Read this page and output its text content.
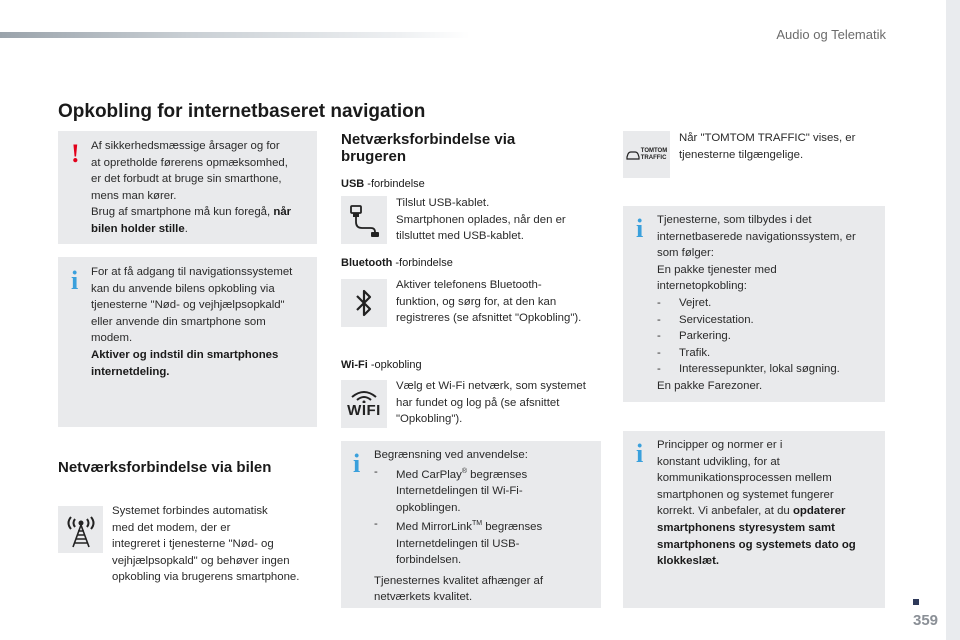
Audio og Telematik
Opkobling for internetbaseret navigation
! Af sikkerhedsmæssige årsager og for
at opretholde førerens opmæksomhed,
er det forbudt at bruge sin smarthone,
mens man kører.
Brug af smartphone må kun foregå, når
bilen holder stille.
i For at få adgang til navigationssystemet
kan du anvende bilens opkobling via
tjenesterne "Nød- og vejhjælpsopkald"
eller anvende din smartphone som
modem.
Aktiver og indstil din smartphones
internetdeling.
Netværksforbindelse via bilen
Systemet forbindes automatisk
med det modem, der er
integreret i tjenesterne "Nød- og
vejhjælpsopkald" og behøver ingen
opkobling via brugerens smartphone.
Netværksforbindelse via
brugeren
USB -forbindelse
Tilslut USB-kablet.
Smartphonen oplades, når den er
tilsluttet med USB-kablet.
Bluetooth -forbindelse
Aktiver telefonens Bluetooth-
funktion, og sørg for, at den kan
registreres (se afsnittet "Opkobling").
Wi-Fi -opkobling
WIFI
Vælg et Wi-Fi netværk, som systemet
har fundet og log på (se afsnittet
"Opkobling").
i Begrænsning ved anvendelse:
- Med CarPlay® begrænses
Internetdelingen til Wi-Fi-
opkoblingen.
- Med MirrorLink™ begrænses
Internetdelingen til USB-
forbindelsen.
Tjenesternes kvalitet afhænger af
netværkets kvalitet.
TOMTOM
TRAFFIC
Når "TOMTOM TRAFFIC" vises, er
tjenesterne tilgængelige.
i Tjenesterne, som tilbydes i det
internetbaserede navigationssystem, er
som følger:
En pakke tjenester med
internetopkobling:
- Vejret.
- Servicestation.
- Parkering.
- Trafik.
- Interessepunkter, lokal søgning.
En pakke Farezoner.
i Principper og normer er i
konstant udvikling, for at
kommunikationsprocessen mellem
smartphonen og systemet fungerer
korrekt. Vi anbefaler, at du opdaterer
smartphonens styresystem samt
smartphonens og systemets dato og
klokkeslæt.
359
